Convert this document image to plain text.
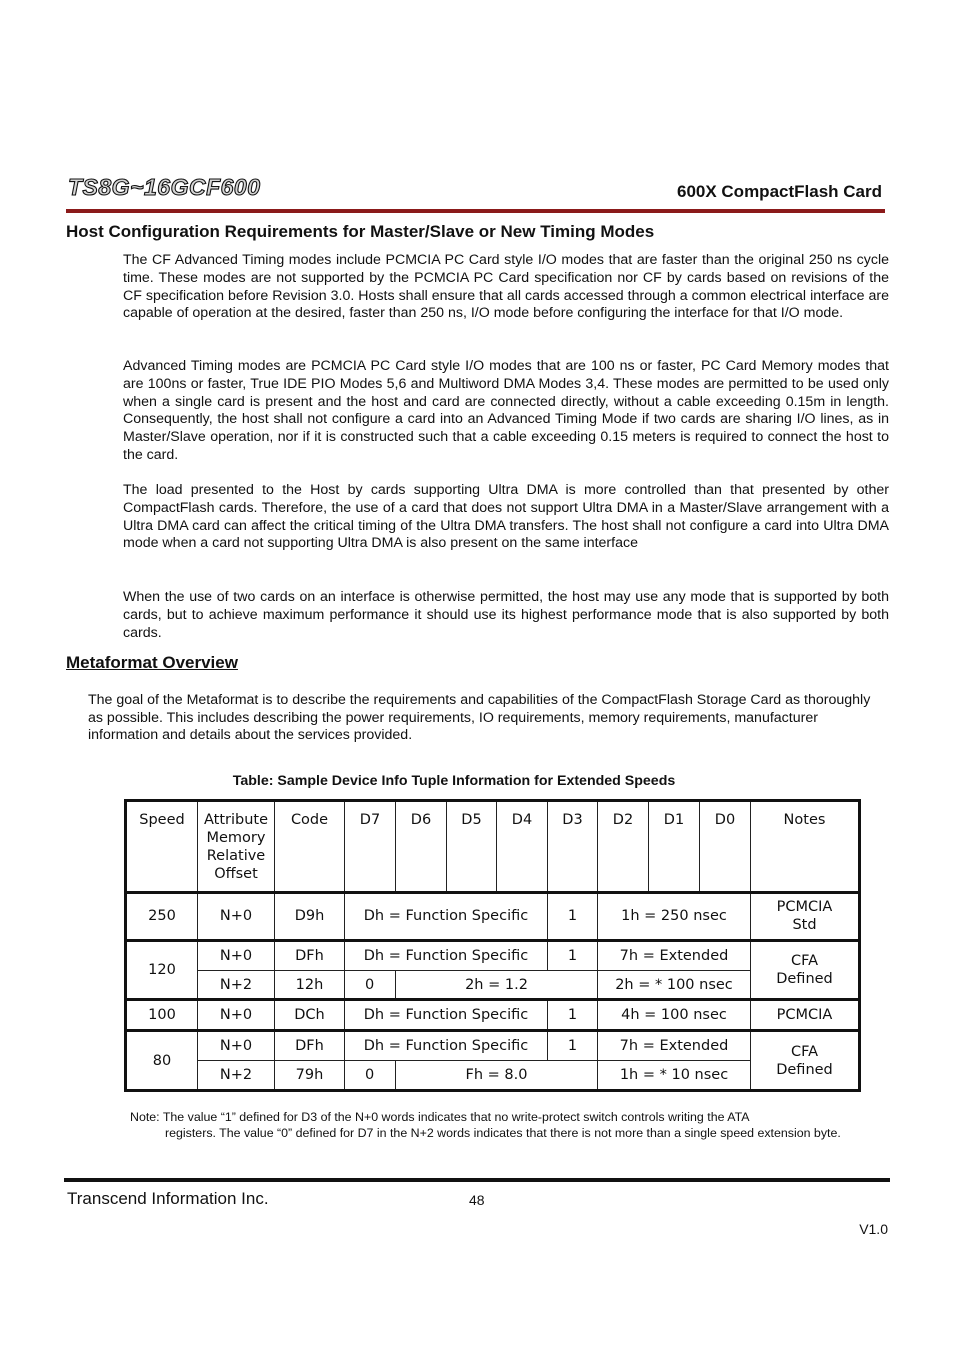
TS8G~16GCF600	600X CompactFlash Card
Host Configuration Requirements for Master/Slave or New Timing Modes

The CF Advanced Timing modes include PCMCIA PC Card style I/O modes that are faster than the original 250 ns cycle time. These modes are not supported by the PCMCIA PC Card specification nor CF by cards based on revisions of the CF specification before Revision 3.0. Hosts shall ensure that all cards accessed through a common electrical interface are capable of operation at the desired, faster than 250 ns, I/O mode before configuring the interface for that I/O mode.

Advanced Timing modes are PCMCIA PC Card style I/O modes that are 100 ns or faster, PC Card Memory modes that are 100ns or faster, True IDE PIO Modes 5,6 and Multiword DMA Modes 3,4. These modes are permitted to be used only when a single card is present and the host and card are connected directly, without a cable exceeding 0.15m in length. Consequently, the host shall not configure a card into an Advanced Timing Mode if two cards are sharing I/O lines, as in Master/Slave operation, nor if it is constructed such that a cable exceeding 0.15 meters is required to connect the host to the card.

The load presented to the Host by cards supporting Ultra DMA is more controlled than that presented by other CompactFlash cards. Therefore, the use of a card that does not support Ultra DMA in a Master/Slave arrangement with a Ultra DMA card can affect the critical timing of the Ultra DMA transfers. The host shall not configure a card into Ultra DMA mode when a card not supporting Ultra DMA is also present on the same interface

When the use of two cards on an interface is otherwise permitted, the host may use any mode that is supported by both cards, but to achieve maximum performance it should use its highest performance mode that is also supported by both cards.

Metaformat Overview

The goal of the Metaformat is to describe the requirements and capabilities of the CompactFlash Storage Card as thoroughly as possible. This includes describing the power requirements, IO requirements, memory requirements, manufacturer information and details about the services provided.

Table: Sample Device Info Tuple Information for Extended Speeds
Speed	Attribute
Memory
Relative
Offset	Code	D7	D6	D5	D4	D3	D2	D1	D0	Notes
250	N+0	D9h	Dh = Function Specific				1	1h = 250 nsec			PCMCIA
Std

120	N+0	DFh	Dh = Function Specific				1	7h = Extended			CFA
Defined

	N+2	12h	0	2h = 1.2				2h = * 100 nsec			
100	N+0	DCh	Dh = Function Specific				1	4h = 100 nsec			PCMCIA
80	N+0	DFh	Dh = Function Specific				1	7h = Extended			CFA
Defined

	N+2	79h	0	Fh = 8.0				1h = * 10 nsec			

Note: The value “1” defined for D3 of the N+0 words indicates that no write-protect switch controls writing the ATA
registers. The value “0” defined for D7 in the N+2 words indicates that there is not more than a single speed extension byte.

Transcend Information Inc.	48
V1.0
